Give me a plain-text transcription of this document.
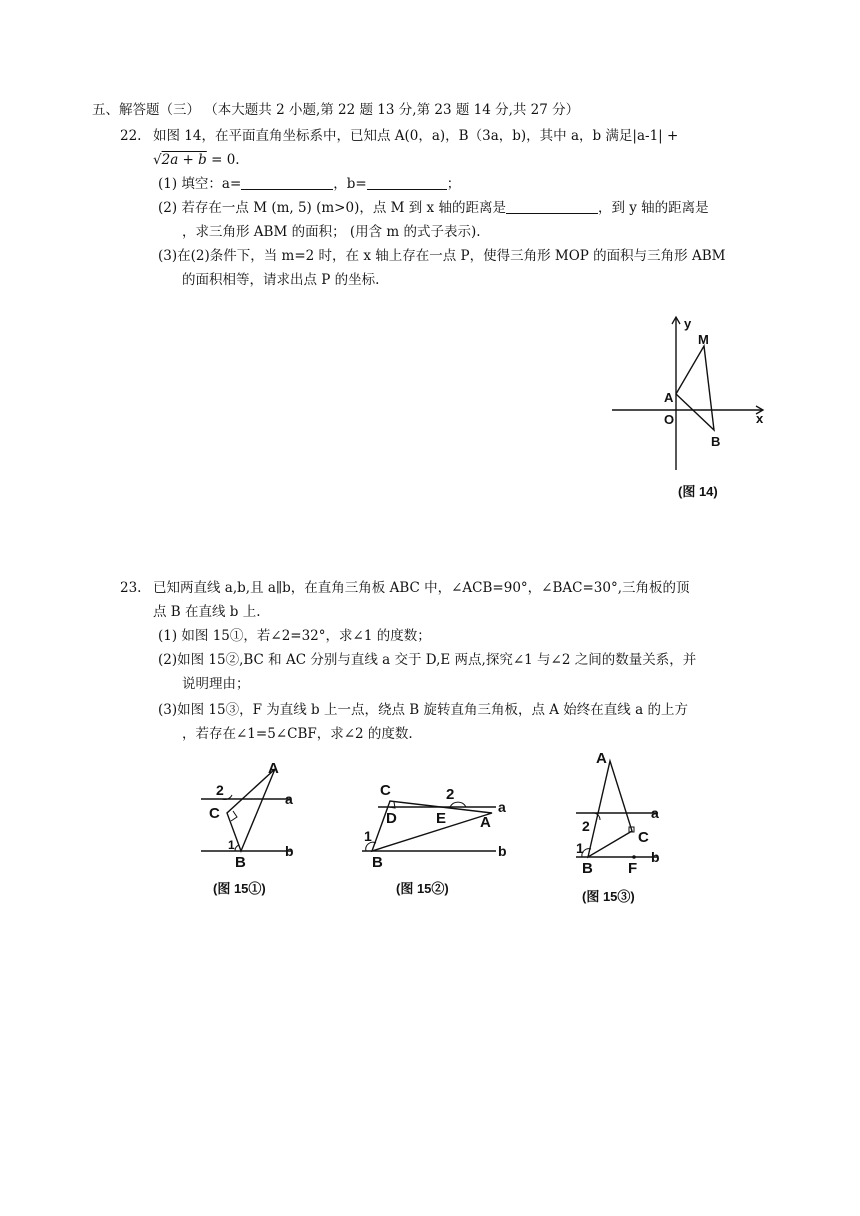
五、解答题（三） （本大题共 2 小题,第 22 题 13 分,第 23 题 14 分,共 27 分）
22. 如图 14，在平面直角坐标系中，已知点 A(0，a)，B（3a，b)，其中 a，b 满足|a-1| +
√2a + b = 0.
(1) 填空：a=	，b=	；
(2) 若存在一点 M (m, 5) (m>0)，点 M 到 x 轴的距离是	，到 y 轴的距离是
，求三角形 ABM 的面积； (用含 m 的式子表示).
(3)在(2)条件下，当 m=2 时，在 x 轴上存在一点 P，使得三角形 MOP 的面积与三角形 ABM
的面积相等，请求出点 P 的坐标.
y
x
M
A
O
B
(图 14)
23. 已知两直线 a,b,且 a∥b，在直角三角板 ABC 中，∠ACB=90°，∠BAC=30°,三角板的顶
点 B 在直线 b 上.
(1) 如图 15①，若∠2=32°，求∠1 的度数；
(2)如图 15②,BC 和 AC 分别与直线 a 交于 D,E 两点,探究∠1 与∠2 之间的数量关系，并
说明理由；
(3)如图 15③，F 为直线 b 上一点，绕点 B 旋转直角三角板，点 A 始终在直线 a 的上方
，若存在∠1=5∠CBF，求∠2 的度数.
A
C
B
1
2
a
b
(图 15①)
C
D	E A
B
1
2
a
b
(图 15②)
A
C
B F
1
2
a
b
(图 15③)
